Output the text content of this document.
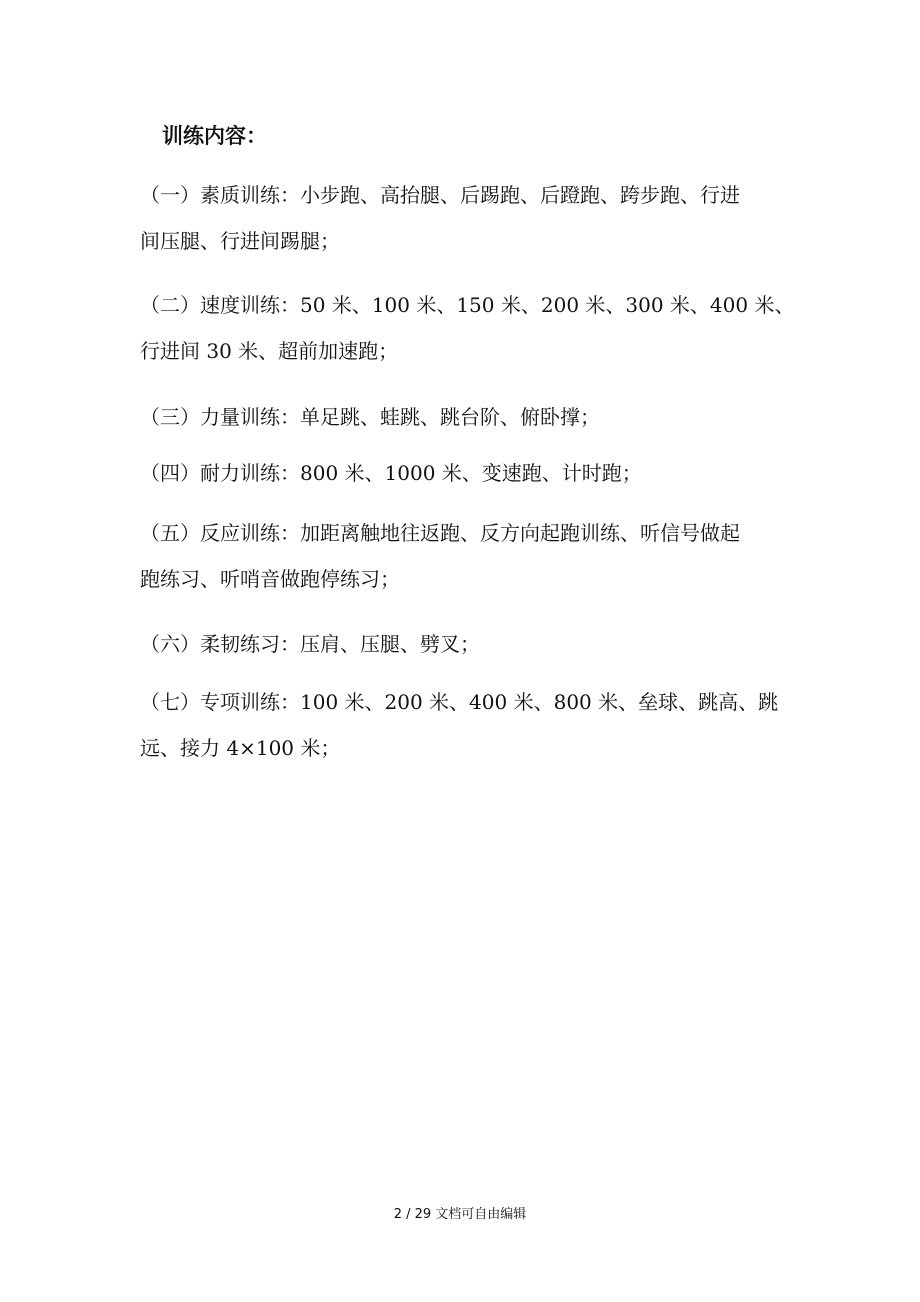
训练内容：
（一）素质训练：小步跑、高抬腿、后踢跑、后蹬跑、跨步跑、行进
间压腿、行进间踢腿；
（二）速度训练：50 米、100 米、150 米、200 米、300 米、400 米、
行进间 30 米、超前加速跑；
（三）力量训练：单足跳、蛙跳、跳台阶、俯卧撑；
（四）耐力训练：800 米、1000 米、变速跑、计时跑；
（五）反应训练：加距离触地往返跑、反方向起跑训练、听信号做起
跑练习、听哨音做跑停练习；
（六）柔韧练习：压肩、压腿、劈叉；
（七）专项训练：100 米、200 米、400 米、800 米、垒球、跳高、跳
远、接力 4×100 米；
2 / 29 文档可自由编辑
